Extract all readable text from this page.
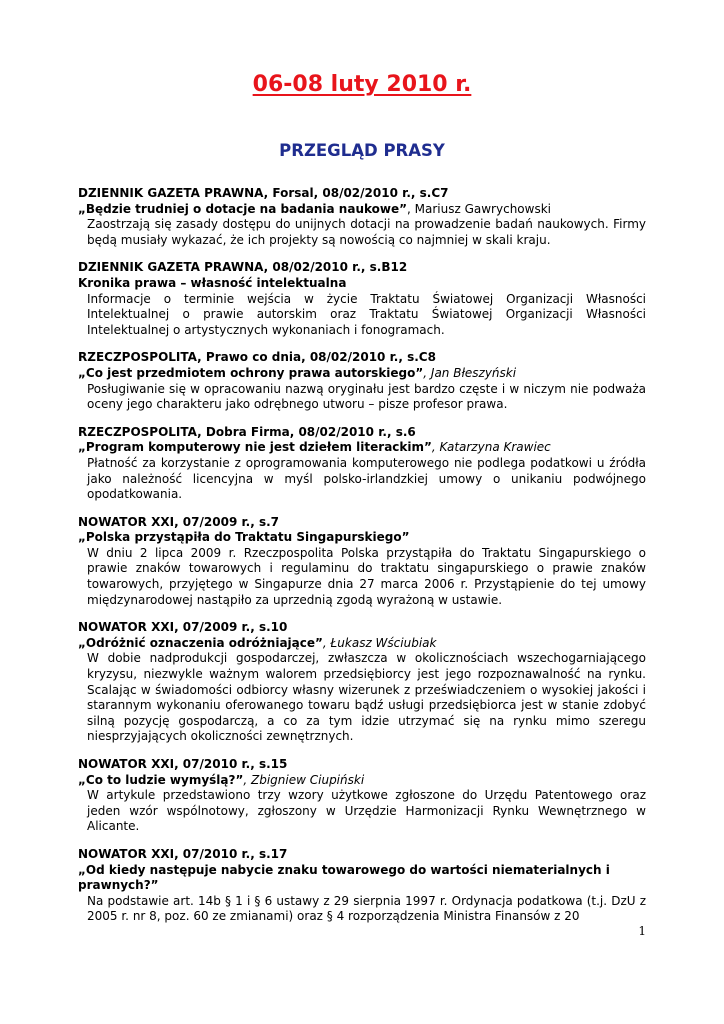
06-08 luty 2010 r.
PRZEGLĄD PRASY
DZIENNIK GAZETA PRAWNA, Forsal, 08/02/2010 r., s.C7
„Będzie trudniej o dotacje na badania naukowe”, Mariusz Gawrychowski
Zaostrzają się zasady dostępu do unijnych dotacji na prowadzenie badań naukowych. Firmy będą musiały wykazać, że ich projekty są nowością co najmniej w skali kraju.
DZIENNIK GAZETA PRAWNA, 08/02/2010 r., s.B12
Kronika prawa – własność intelektualna
Informacje o terminie wejścia w życie Traktatu Światowej Organizacji Własności Intelektualnej o prawie autorskim oraz Traktatu Światowej Organizacji Własności Intelektualnej o artystycznych wykonaniach i fonogramach.
RZECZPOSPOLITA, Prawo co dnia, 08/02/2010 r., s.C8
„Co jest przedmiotem ochrony prawa autorskiego”, Jan Błeszyński
Posługiwanie się w opracowaniu nazwą oryginału jest bardzo częste i w niczym nie podważa oceny jego charakteru jako odrębnego utworu – pisze profesor prawa.
RZECZPOSPOLITA, Dobra Firma, 08/02/2010 r., s.6
„Program komputerowy nie jest dziełem literackim”, Katarzyna Krawiec
Płatność za korzystanie z oprogramowania komputerowego nie podlega podatkowi u źródła jako należność licencyjna w myśl polsko-irlandzkiej umowy o unikaniu podwójnego opodatkowania.
NOWATOR XXI, 07/2009 r., s.7
„Polska przystąpiła do Traktatu Singapurskiego”
W dniu 2 lipca 2009 r. Rzeczpospolita Polska przystąpiła do Traktatu Singapurskiego o prawie znaków towarowych i regulaminu do traktatu singapurskiego o prawie znaków towarowych, przyjętego w Singapurze dnia 27 marca 2006 r. Przystąpienie do tej umowy międzynarodowej nastąpiło za uprzednią zgodą wyrażoną w ustawie.
NOWATOR XXI, 07/2009 r., s.10
„Odróżnić oznaczenia odróżniające”, Łukasz Wściubiak
W dobie nadprodukcji gospodarczej, zwłaszcza w okolicznościach wszechogarniającego kryzysu, niezwykle ważnym walorem przedsiębiorcy jest jego rozpoznawalność na rynku. Scalając w świadomości odbiorcy własny wizerunek z przeświadczeniem o wysokiej jakości i starannym wykonaniu oferowanego towaru bądź usługi przedsiębiorca jest w stanie zdobyć silną pozycję gospodarczą, a co za tym idzie utrzymać się na rynku mimo szeregu niesprzyjających okoliczności zewnętrznych.
NOWATOR XXI, 07/2010 r., s.15
„Co to ludzie wymyślą?”, Zbigniew Ciupiński
W artykule przedstawiono trzy wzory użytkowe zgłoszone do Urzędu Patentowego oraz jeden wzór wspólnotowy, zgłoszony w Urzędzie Harmonizacji Rynku Wewnętrznego w Alicante.
NOWATOR XXI, 07/2010 r., s.17
„Od kiedy następuje nabycie znaku towarowego do wartości niematerialnych i prawnych?”
Na podstawie art. 14b § 1 i § 6 ustawy z 29 sierpnia 1997 r. Ordynacja podatkowa (t.j. DzU z 2005 r. nr 8, poz. 60 ze zmianami) oraz § 4 rozporządzenia Ministra Finansów z 20
1
